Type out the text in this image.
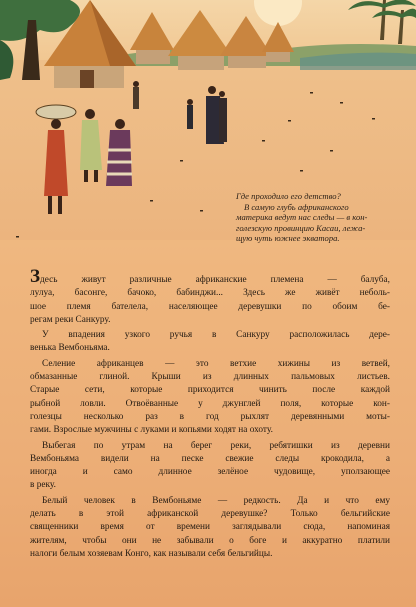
Где проходило его детство?
В самую глубь африканского
материка ведут нас следы — в кон-
голезскую провинцию Касаи, лежа-
щую чуть южнее экватора.
Здесь живут различные африканские племена — балуба,
лулуа, басонге, бачоко, бабинджи... Здесь же живёт неболь-
шое племя бателела, населяющее деревушки по обоим бе-
регам реки Санкуру.
У впадения узкого ручья в Санкуру расположилась дере-
венька Вембоньяма.
Селение африканцев — это ветхие хижины из ветвей,
обмазанные глиной. Крыши из длинных пальмовых листьев.
Старые сети, которые приходится чинить после каждой
рыбной ловли. Отвоёванные у джунглей поля, которые кон-
голезцы несколько раз в год рыхлят деревянными моты-
гами. Взрослые мужчины с луками и копьями ходят на охоту.
Выбегая по утрам на берег реки, ребятишки из деревни
Вембоньяма видели на песке свежие следы крокодила, а
иногда и само длинное зелёное чудовище, уползающее
в реку.
Белый человек в Вембоньяме — редкость. Да и что ему
делать в этой африканской деревушке? Только бельгийские
священники время от времени заглядывали сюда, напоминая
жителям, чтобы они не забывали о боге и аккуратно платили
налоги белым хозяевам Конго, как называли себя бельгийцы.
